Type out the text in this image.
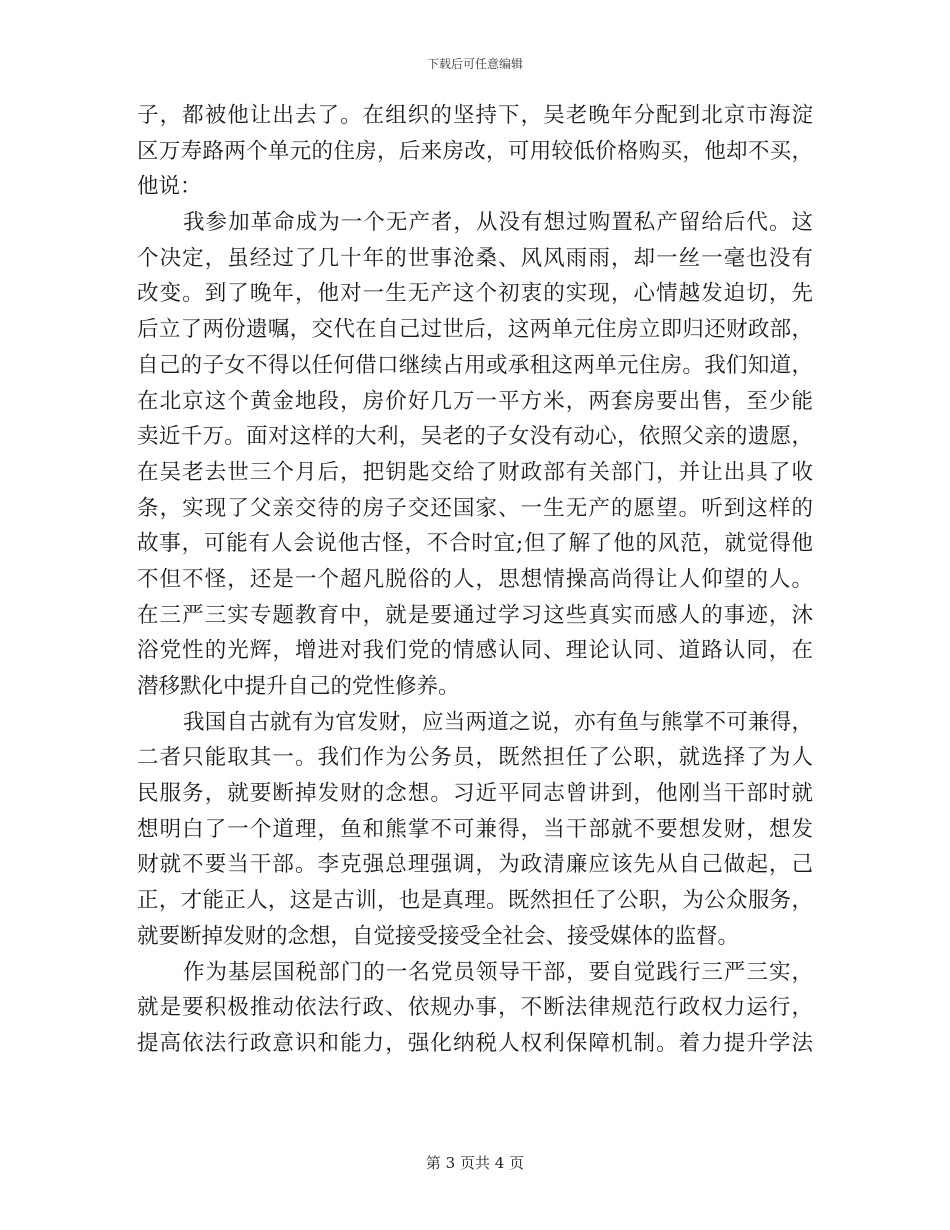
下载后可任意编辑
子，都被他让出去了。在组织的坚持下，吴老晚年分配到北京市海淀
区万寿路两个单元的住房，后来房改，可用较低价格购买，他却不买，
他说：
我参加革命成为一个无产者，从没有想过购置私产留给后代。这
个决定，虽经过了几十年的世事沧桑、风风雨雨，却一丝一毫也没有
改变。到了晚年，他对一生无产这个初衷的实现，心情越发迫切，先
后立了两份遗嘱，交代在自己过世后，这两单元住房立即归还财政部，
自己的子女不得以任何借口继续占用或承租这两单元住房。我们知道，
在北京这个黄金地段，房价好几万一平方米，两套房要出售，至少能
卖近千万。面对这样的大利，吴老的子女没有动心，依照父亲的遗愿，
在吴老去世三个月后，把钥匙交给了财政部有关部门，并让出具了收
条，实现了父亲交待的房子交还国家、一生无产的愿望。听到这样的
故事，可能有人会说他古怪，不合时宜;但了解了他的风范，就觉得他
不但不怪，还是一个超凡脱俗的人，思想情操高尚得让人仰望的人。
在三严三实专题教育中，就是要通过学习这些真实而感人的事迹，沐
浴党性的光辉，增进对我们党的情感认同、理论认同、道路认同，在
潜移默化中提升自己的党性修养。
我国自古就有为官发财，应当两道之说，亦有鱼与熊掌不可兼得，
二者只能取其一。我们作为公务员，既然担任了公职，就选择了为人
民服务，就要断掉发财的念想。习近平同志曾讲到，他刚当干部时就
想明白了一个道理，鱼和熊掌不可兼得，当干部就不要想发财，想发
财就不要当干部。李克强总理强调，为政清廉应该先从自己做起，己
正，才能正人，这是古训，也是真理。既然担任了公职，为公众服务，
就要断掉发财的念想，自觉接受接受全社会、接受媒体的监督。
作为基层国税部门的一名党员领导干部，要自觉践行三严三实，
就是要积极推动依法行政、依规办事，不断法律规范行政权力运行，
提高依法行政意识和能力，强化纳税人权利保障机制。着力提升学法
第 3 页共 4 页
